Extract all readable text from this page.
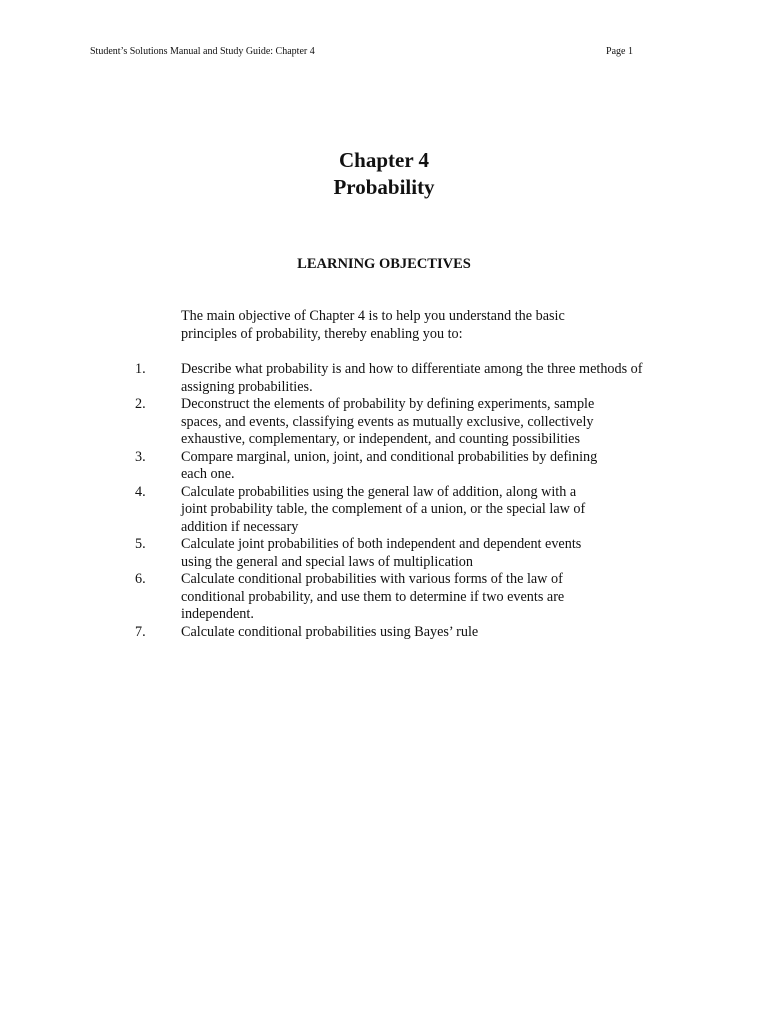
Student’s Solutions Manual and Study Guide: Chapter 4	Page 1
Chapter 4
Probability
LEARNING OBJECTIVES
The main objective of Chapter 4 is to help you understand the basic
principles of probability, thereby enabling you to:
1. Describe what probability is and how to differentiate among the three methods of
assigning probabilities.
2. Deconstruct the elements of probability by defining experiments, sample
spaces, and events, classifying events as mutually exclusive, collectively
exhaustive, complementary, or independent, and counting possibilities
3. Compare marginal, union, joint, and conditional probabilities by defining
each one.
4. Calculate probabilities using the general law of addition, along with a
joint probability table, the complement of a union, or the special law of
addition if necessary
5. Calculate joint probabilities of both independent and dependent events
using the general and special laws of multiplication
6. Calculate conditional probabilities with various forms of the law of
conditional probability, and use them to determine if two events are
independent.
7. Calculate conditional probabilities using Bayes’ rule
